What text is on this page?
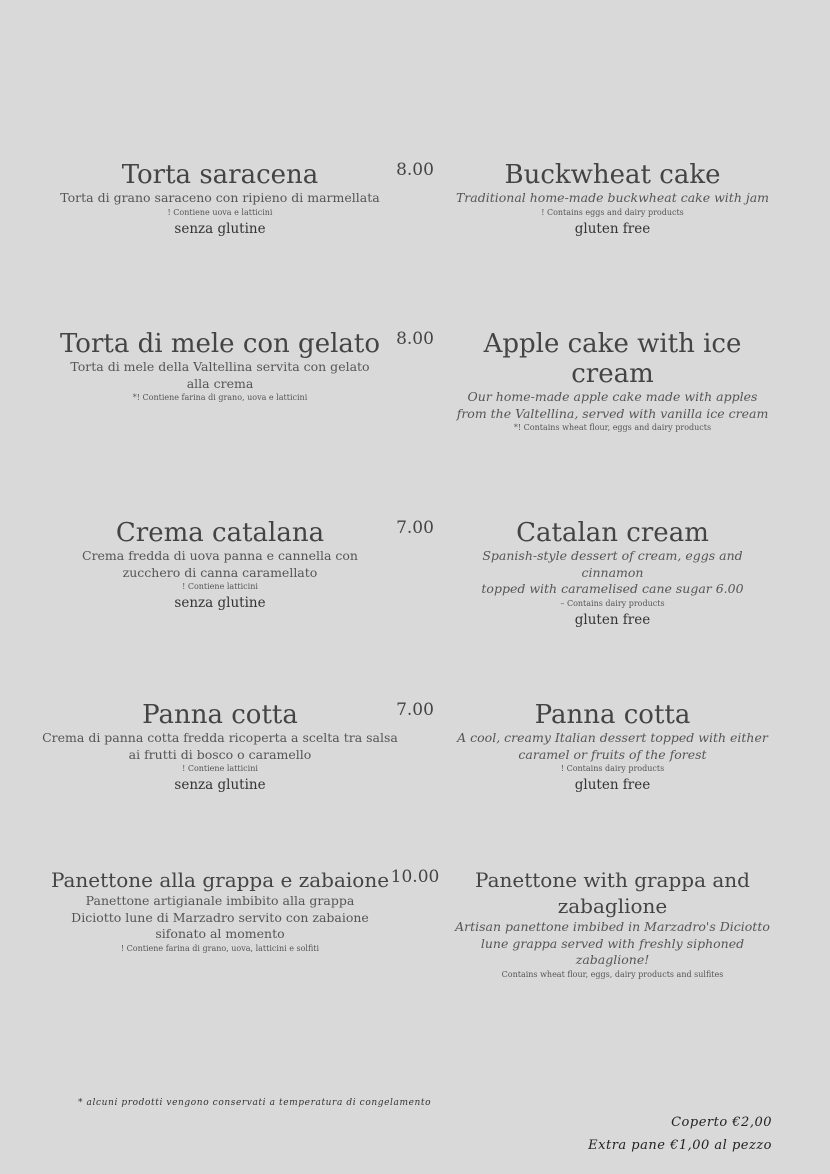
Torta saracena
Torta di grano saraceno con ripieno di marmellata
! Contiene uova e latticini
senza glutine
8.00	Buckwheat cake
Traditional home-made buckwheat cake with jam
! Contains eggs and dairy products
gluten free
Torta di mele con gelato
Torta di mele della Valtellina servita con gelato
alla crema
*! Contiene farina di grano, uova e latticini
8.00	Apple cake with ice cream
Our home-made apple cake made with apples
from the Valtellina, served with vanilla ice cream
*! Contains wheat flour, eggs and dairy products
Crema catalana
Crema fredda di uova panna e cannella con
zucchero di canna caramellato
! Contiene latticini
senza glutine
7.00	Catalan cream
Spanish-style dessert of cream, eggs and cinnamon
topped with caramelised cane sugar 6.00
– Contains dairy products
gluten free
Panna cotta
Crema di panna cotta fredda ricoperta a scelta tra salsa
ai frutti di bosco o caramello
! Contiene latticini
senza glutine
7.00	Panna cotta
A cool, creamy Italian dessert topped with either
caramel or fruits of the forest
! Contains dairy products
gluten free
Panettone alla grappa e zabaione
Panettone artigianale imbibito alla grappa
Diciotto lune di Marzadro servito con zabaione
sifonato al momento
! Contiene farina di grano, uova, latticini e solfiti
10.00	Panettone with grappa and zabaglione
Artisan panettone imbibed in Marzadro's Diciotto
lune grappa served with freshly siphoned zabaglione!
Contains wheat flour, eggs, dairy products and sulfites
* alcuni prodotti vengono conservati a temperatura di congelamento
Coperto €2,00
Extra pane €1,00 al pezzo
